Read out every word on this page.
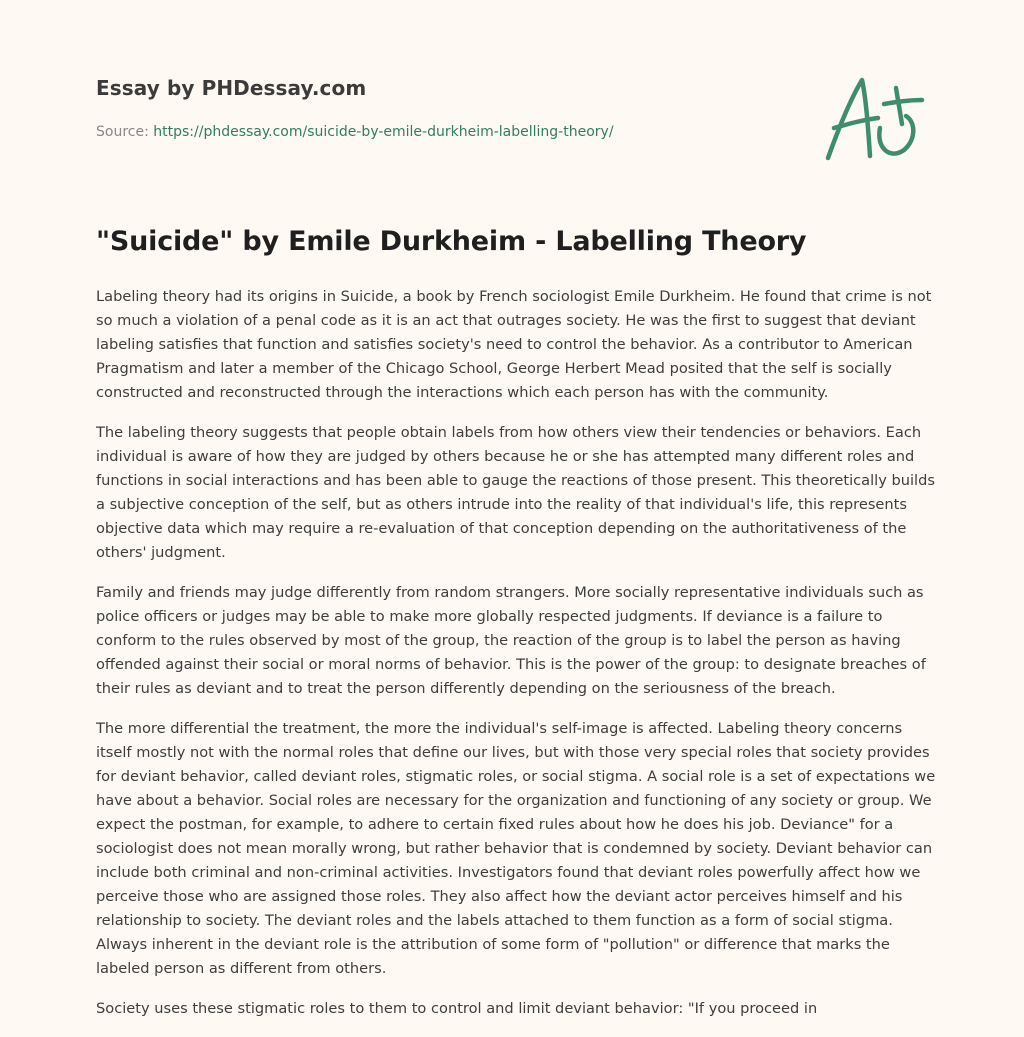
Essay by PHDessay.com
Source: https://phdessay.com/suicide-by-emile-durkheim-labelling-theory/
"Suicide" by Emile Durkheim - Labelling Theory

Labeling theory had its origins in Suicide, a book by French sociologist Emile Durkheim. He found that crime is not so much a violation of a penal code as it is an act that outrages society. He was the first to suggest that deviant labeling satisfies that function and satisfies society's need to control the behavior. As a contributor to American Pragmatism and later a member of the Chicago School, George Herbert Mead posited that the self is socially constructed and reconstructed through the interactions which each person has with the community.

The labeling theory suggests that people obtain labels from how others view their tendencies or behaviors. Each individual is aware of how they are judged by others because he or she has attempted many different roles and functions in social interactions and has been able to gauge the reactions of those present. This theoretically builds a subjective conception of the self, but as others intrude into the reality of that individual's life, this represents objective data which may require a re-evaluation of that conception depending on the authoritativeness of the others' judgment.

Family and friends may judge differently from random strangers. More socially representative individuals such as police officers or judges may be able to make more globally respected judgments. If deviance is a failure to conform to the rules observed by most of the group, the reaction of the group is to label the person as having offended against their social or moral norms of behavior. This is the power of the group: to designate breaches of their rules as deviant and to treat the person differently depending on the seriousness of the breach.

The more differential the treatment, the more the individual's self-image is affected. Labeling theory concerns itself mostly not with the normal roles that define our lives, but with those very special roles that society provides for deviant behavior, called deviant roles, stigmatic roles, or social stigma. A social role is a set of expectations we have about a behavior. Social roles are necessary for the organization and functioning of any society or group. We expect the postman, for example, to adhere to certain fixed rules about how he does his job. Deviance" for a sociologist does not mean morally wrong, but rather behavior that is condemned by society. Deviant behavior can include both criminal and non-criminal activities. Investigators found that deviant roles powerfully affect how we perceive those who are assigned those roles. They also affect how the deviant actor perceives himself and his relationship to society. The deviant roles and the labels attached to them function as a form of social stigma. Always inherent in the deviant role is the attribution of some form of "pollution" or difference that marks the labeled person as different from others.

Society uses these stigmatic roles to them to control and limit deviant behavior: "If you proceed in
